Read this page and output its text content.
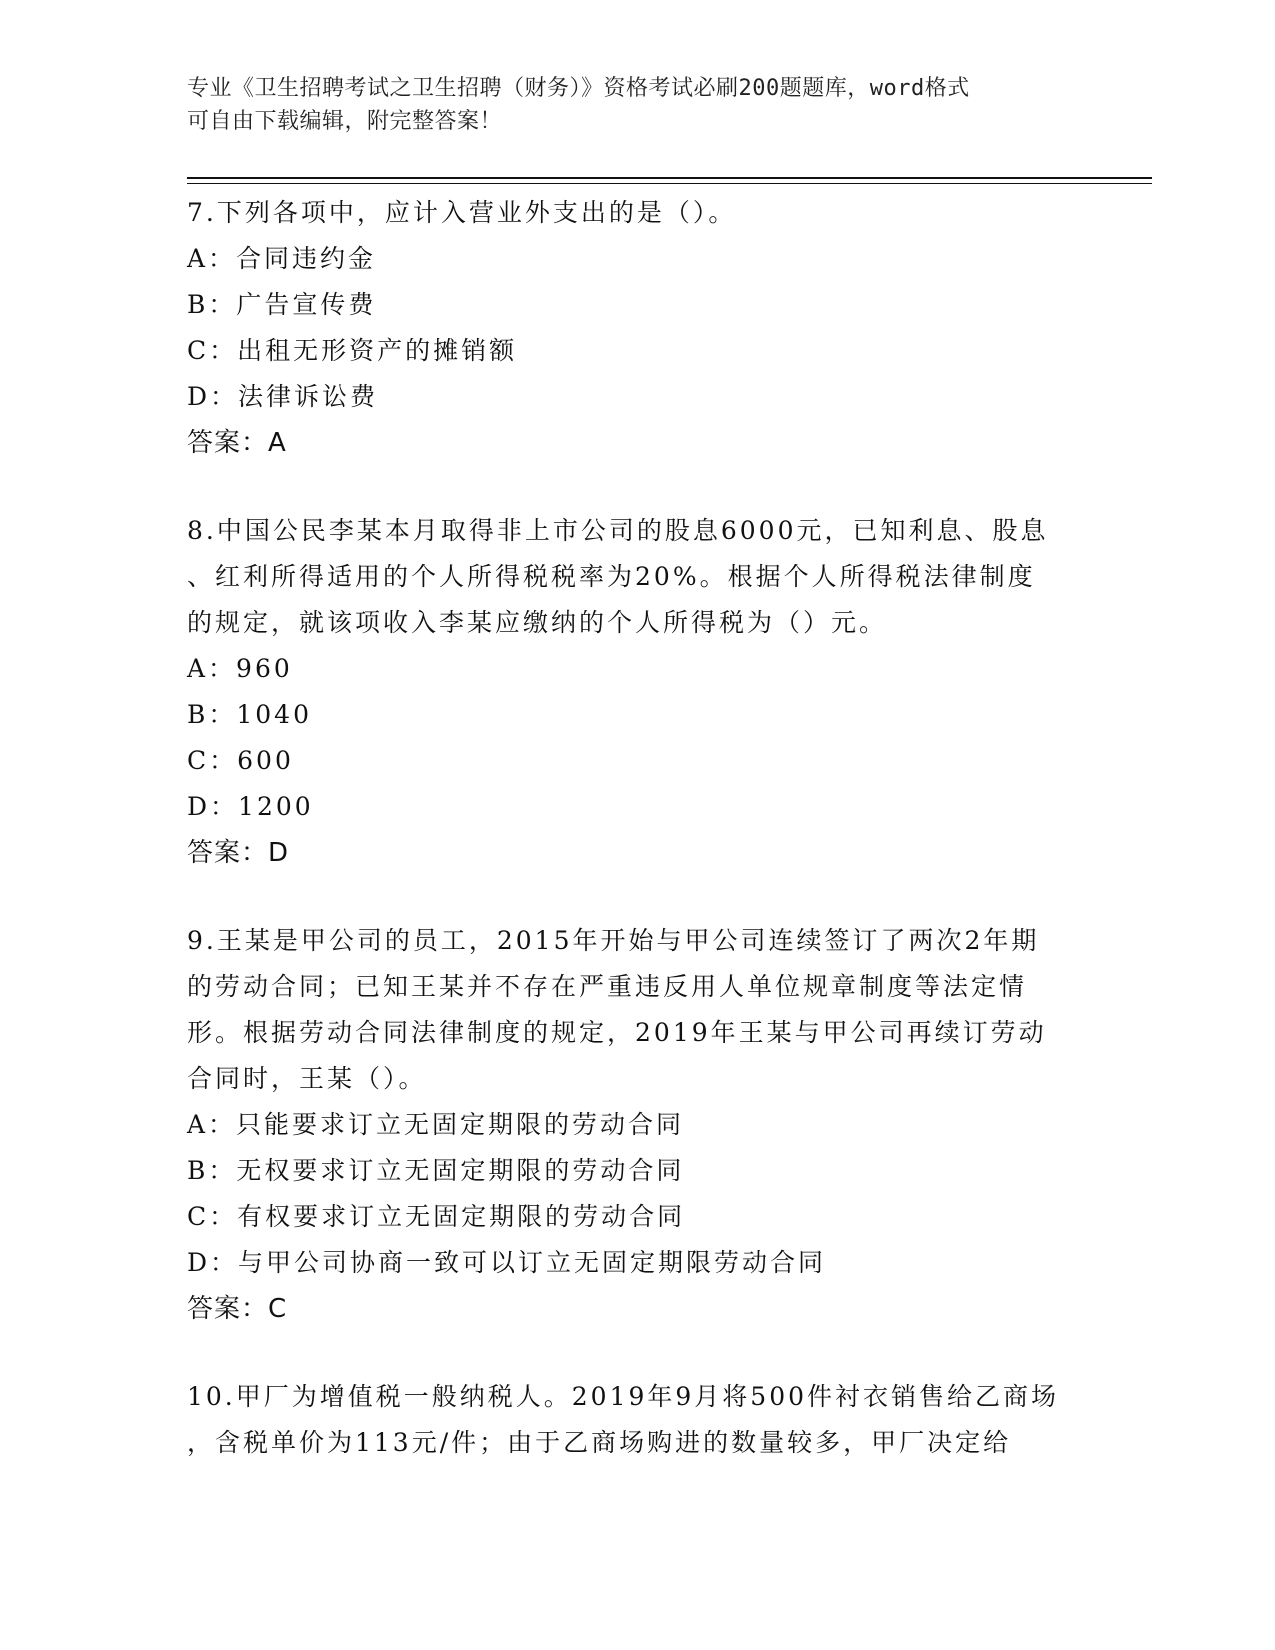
专业《卫生招聘考试之卫生招聘（财务）》资格考试必刷200题题库，word格式
可自由下载编辑，附完整答案！

7.下列各项中，应计入营业外支出的是（）。

A：合同违约金

B：广告宣传费

C：出租无形资产的摊销额

D：法律诉讼费

答案：A

8.中国公民李某本月取得非上市公司的股息6000元，已知利息、股息

、红利所得适用的个人所得税税率为20%。根据个人所得税法律制度

的规定，就该项收入李某应缴纳的个人所得税为（）元。

A：960

B：1040

C：600

D：1200

答案：D

9.王某是甲公司的员工，2015年开始与甲公司连续签订了两次2年期

的劳动合同；已知王某并不存在严重违反用人单位规章制度等法定情

形。根据劳动合同法律制度的规定，2019年王某与甲公司再续订劳动

合同时，王某（）。

A：只能要求订立无固定期限的劳动合同

B：无权要求订立无固定期限的劳动合同

C：有权要求订立无固定期限的劳动合同

D：与甲公司协商一致可以订立无固定期限劳动合同

答案：C

10.甲厂为增值税一般纳税人。2019年9月将500件衬衣销售给乙商场

，含税单价为113元/件；由于乙商场购进的数量较多，甲厂决定给
